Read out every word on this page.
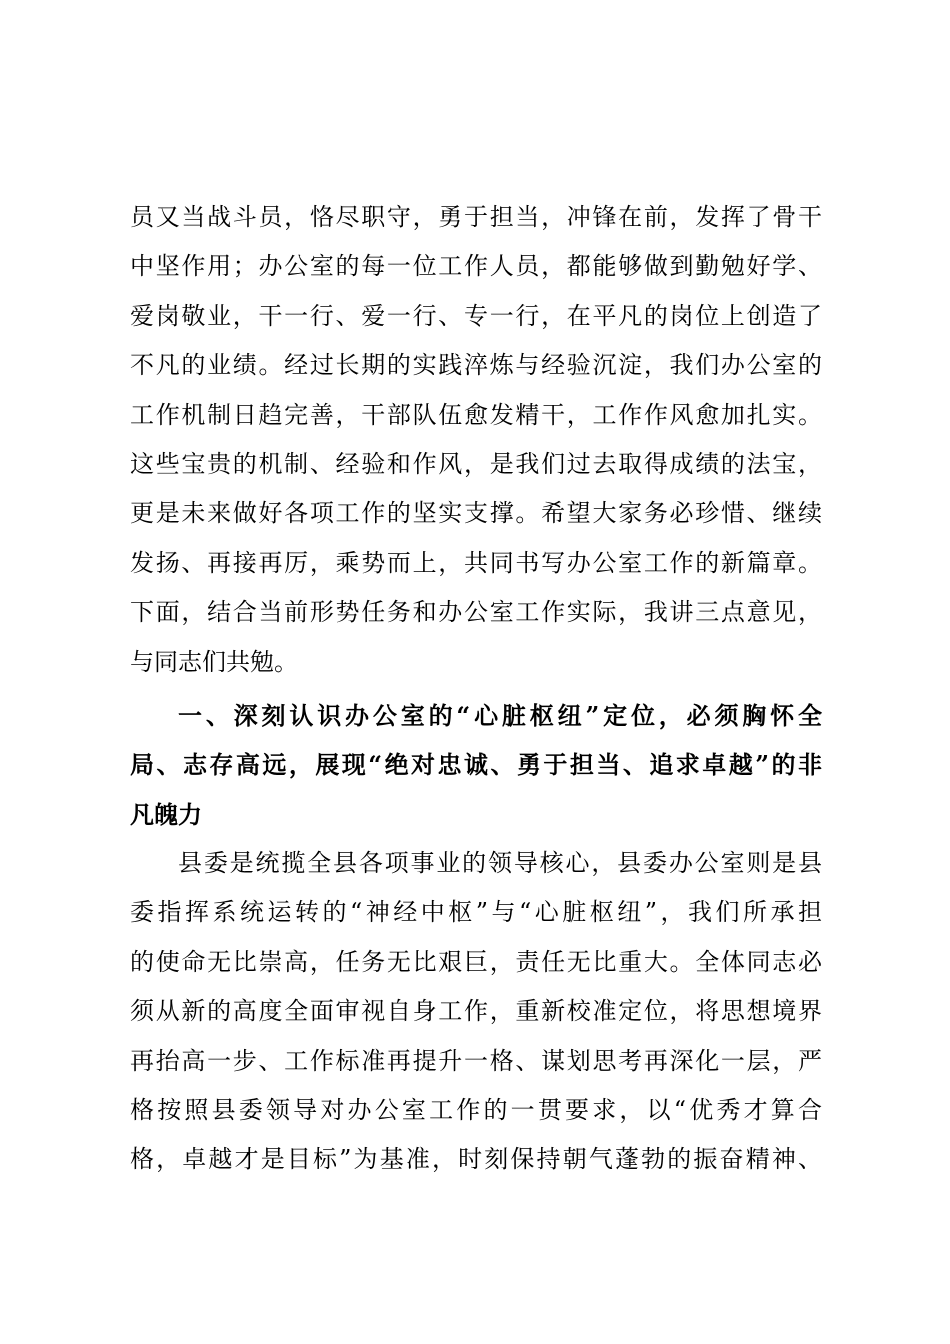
员又当战斗员，恪尽职守，勇于担当，冲锋在前，发挥了骨干
中坚作用；办公室的每一位工作人员，都能够做到勤勉好学、
爱岗敬业，干一行、爱一行、专一行，在平凡的岗位上创造了
不凡的业绩。经过长期的实践淬炼与经验沉淀，我们办公室的
工作机制日趋完善，干部队伍愈发精干，工作作风愈加扎实。
这些宝贵的机制、经验和作风，是我们过去取得成绩的法宝，
更是未来做好各项工作的坚实支撑。希望大家务必珍惜、继续
发扬、再接再厉，乘势而上，共同书写办公室工作的新篇章。
下面，结合当前形势任务和办公室工作实际，我讲三点意见，
与同志们共勉。
一、深刻认识办公室的“心脏枢纽”定位，必须胸怀全
局、志存高远，展现“绝对忠诚、勇于担当、追求卓越”的非
凡魄力
县委是统揽全县各项事业的领导核心，县委办公室则是县
委指挥系统运转的“神经中枢”与“心脏枢纽”，我们所承担
的使命无比崇高，任务无比艰巨，责任无比重大。全体同志必
须从新的高度全面审视自身工作，重新校准定位，将思想境界
再抬高一步、工作标准再提升一格、谋划思考再深化一层，严
格按照县委领导对办公室工作的一贯要求，以“优秀才算合
格，卓越才是目标”为基准，时刻保持朝气蓬勃的振奋精神、
